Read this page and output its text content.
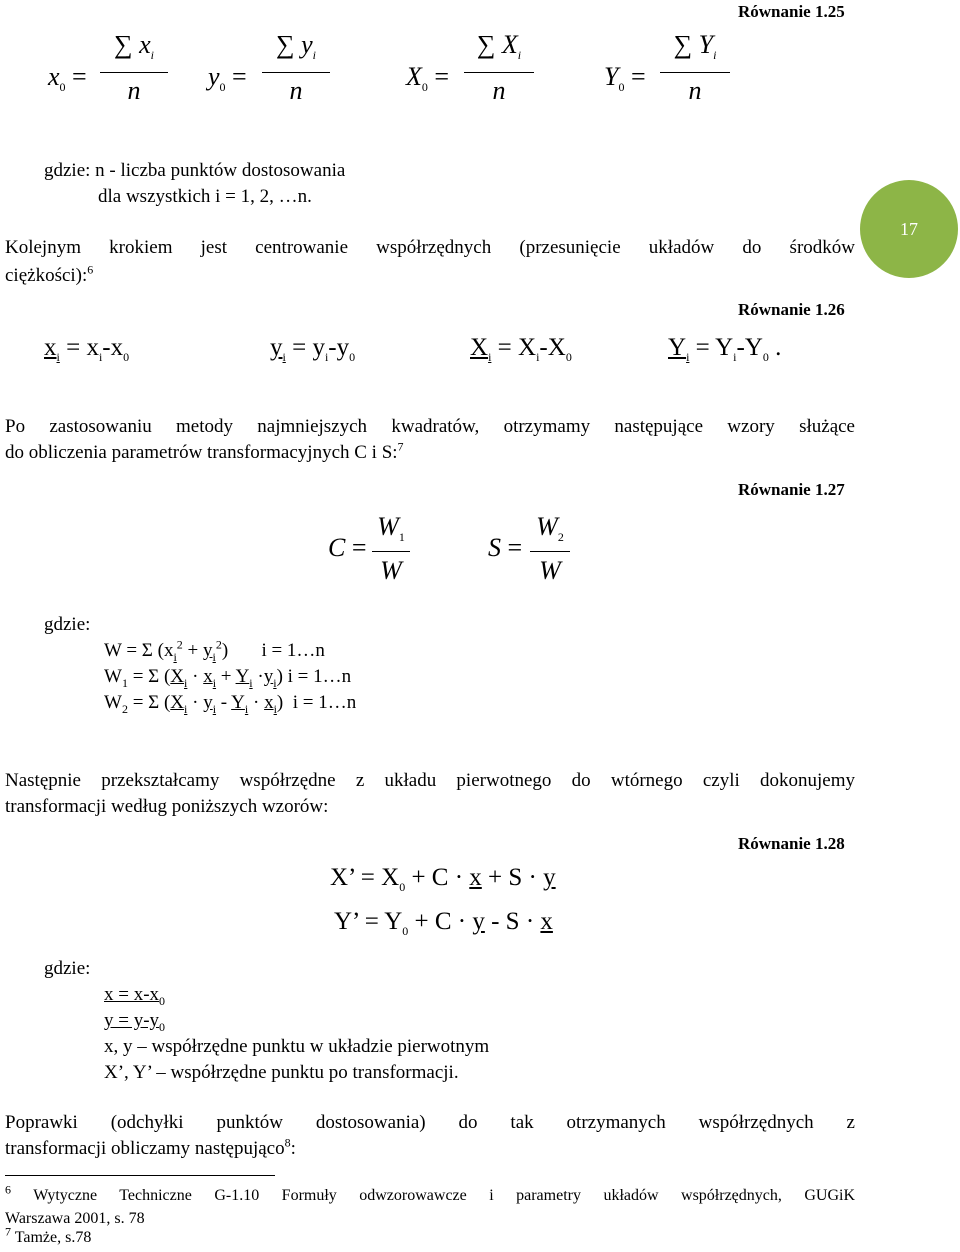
17
Równanie 1.25
$x_0$ =
∑ $x_i$
n	$y_0$ =
∑ $y_i$
n	$X_0$ =
∑ $X_i$
n	$Y_0$ =
∑ $Y_i$
n
gdzie: n - liczba punktów dostosowania
dla wszystkich i = 1, 2, …n.
Kolejnym krokiem jest centrowanie współrzędnych (przesunięcie układów do środków
ciężkości):$^6$
Równanie 1.26
$x_i = x_i-x_0$	$y_i = y_i-y_0$	$X_i = X_i-X_0$	$Y_i = Y_i-Y_0$ .
Po zastosowaniu metody najmniejszych kwadratów, otrzymamy następujące wzory służące
do obliczenia parametrów transformacyjnych C i S:$^7$
Równanie 1.27
C =
$W_1$
W
S =
$W_2$
W
gdzie:
W = Σ $(x_i^2 + y_i^2)$       i = 1…n
$W_1 = \Sigma$ $(X_i \cdot x_i + Y_i \cdot y_i) i$ = 1…n
$W_2 = \Sigma$ $(X_i \cdot y_i - Y_i \cdot x_i) i$ = 1…n
Następnie przekształcamy współrzędne z układu pierwotnego do wtórnego czyli dokonujemy
transformacji według poniższych wzorów:
Równanie 1.28
X’ = $X_0 + C \cdot x + S \cdot y$
Y’ = $Y_0 + C \cdot y - S \cdot x$
gdzie:
$x = x-x_0$
$y = y-y_0$
x, y – współrzędne punktu w układzie pierwotnym
X’, Y’ – współrzędne punktu po transformacji.
Poprawki (odchyłki punktów dostosowania) do tak otrzymanych współrzędnych z
transformacji obliczamy następująco$^8$:
$^6$ Wytyczne Techniczne G-1.10 Formuły odwzorowawcze i parametry układów współrzędnych, GUGiK
Warszawa 2001, s. 78
$^7$ Tamże, s.78
